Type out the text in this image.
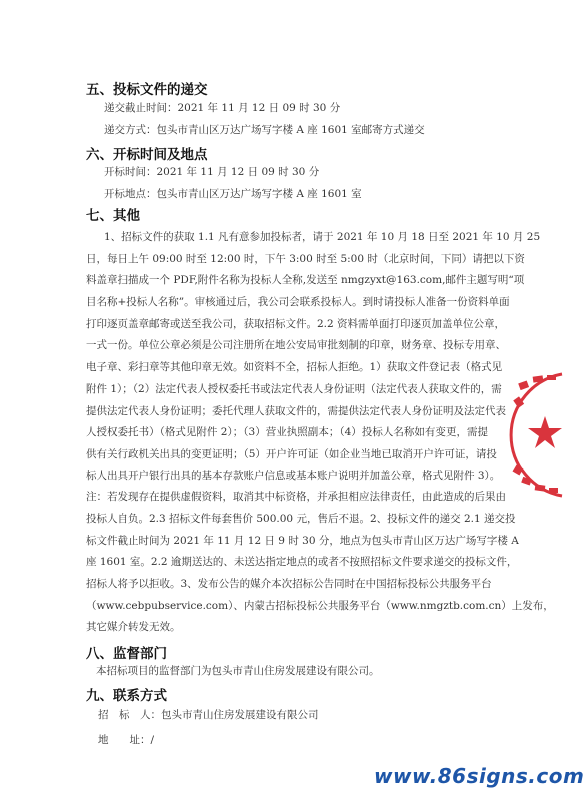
五、投标文件的递交
递交截止时间：2021 年 11 月 12 日 09 时 30 分
递交方式：包头市青山区万达广场写字楼 A 座 1601 室邮寄方式递交
六、开标时间及地点
开标时间：2021 年 11 月 12 日 09 时 30 分
开标地点：包头市青山区万达广场写字楼 A 座 1601 室
七、其他
1、招标文件的获取 1.1 凡有意参加投标者，请于 2021 年 10 月 18 日至 2021 年 10 月 25
日，每日上午 09:00 时至 12:00 时，下午 3:00 时至 5:00 时（北京时间，下同）请把以下资
料盖章扫描成一个 PDF,附件名称为投标人全称,发送至 nmgzyxt@163.com,邮件主题写明“项
目名称+投标人名称”。审核通过后，我公司会联系投标人。到时请投标人准备一份资料单面
打印逐页盖章邮寄或送至我公司，获取招标文件。2.2 资料需单面打印逐页加盖单位公章，
一式一份。单位公章必须是公司注册所在地公安局审批刻制的印章，财务章、投标专用章、
电子章、彩扫章等其他印章无效。如资料不全，招标人拒绝。1）获取文件登记表（格式见
附件 1）；（2）法定代表人授权委托书或法定代表人身份证明（法定代表人获取文件的，需
提供法定代表人身份证明；委托代理人获取文件的，需提供法定代表人身份证明及法定代表
人授权委托书）（格式见附件 2）；（3）营业执照副本；（4）投标人名称如有变更，需提
供有关行政机关出具的变更证明；（5）开户许可证（如企业当地已取消开户许可证，请投
标人出具开户银行出具的基本存款账户信息或基本账户说明并加盖公章，格式见附件 3）。
注：若发现存在提供虚假资料，取消其中标资格，并承担相应法律责任，由此造成的后果由
投标人自负。2.3 招标文件每套售价 500.00 元，售后不退。2、投标文件的递交 2.1 递交投
标文件截止时间为 2021 年 11 月 12 日 9 时 30 分，地点为包头市青山区万达广场写字楼 A
座 1601 室。2.2 逾期送达的、未送达指定地点的或者不按照招标文件要求递交的投标文件，
招标人将予以拒收。3、发布公告的媒介本次招标公告同时在中国招标投标公共服务平台
（www.cebpubservice.com）、内蒙古招标投标公共服务平台（www.nmgztb.com.cn）上发布，
其它媒介转发无效。
八、监督部门
本招标项目的监督部门为包头市青山住房发展建设有限公司。
九、联系方式
招　标　人：包头市青山住房发展建设有限公司
地　　址：/
www.86signs.com
